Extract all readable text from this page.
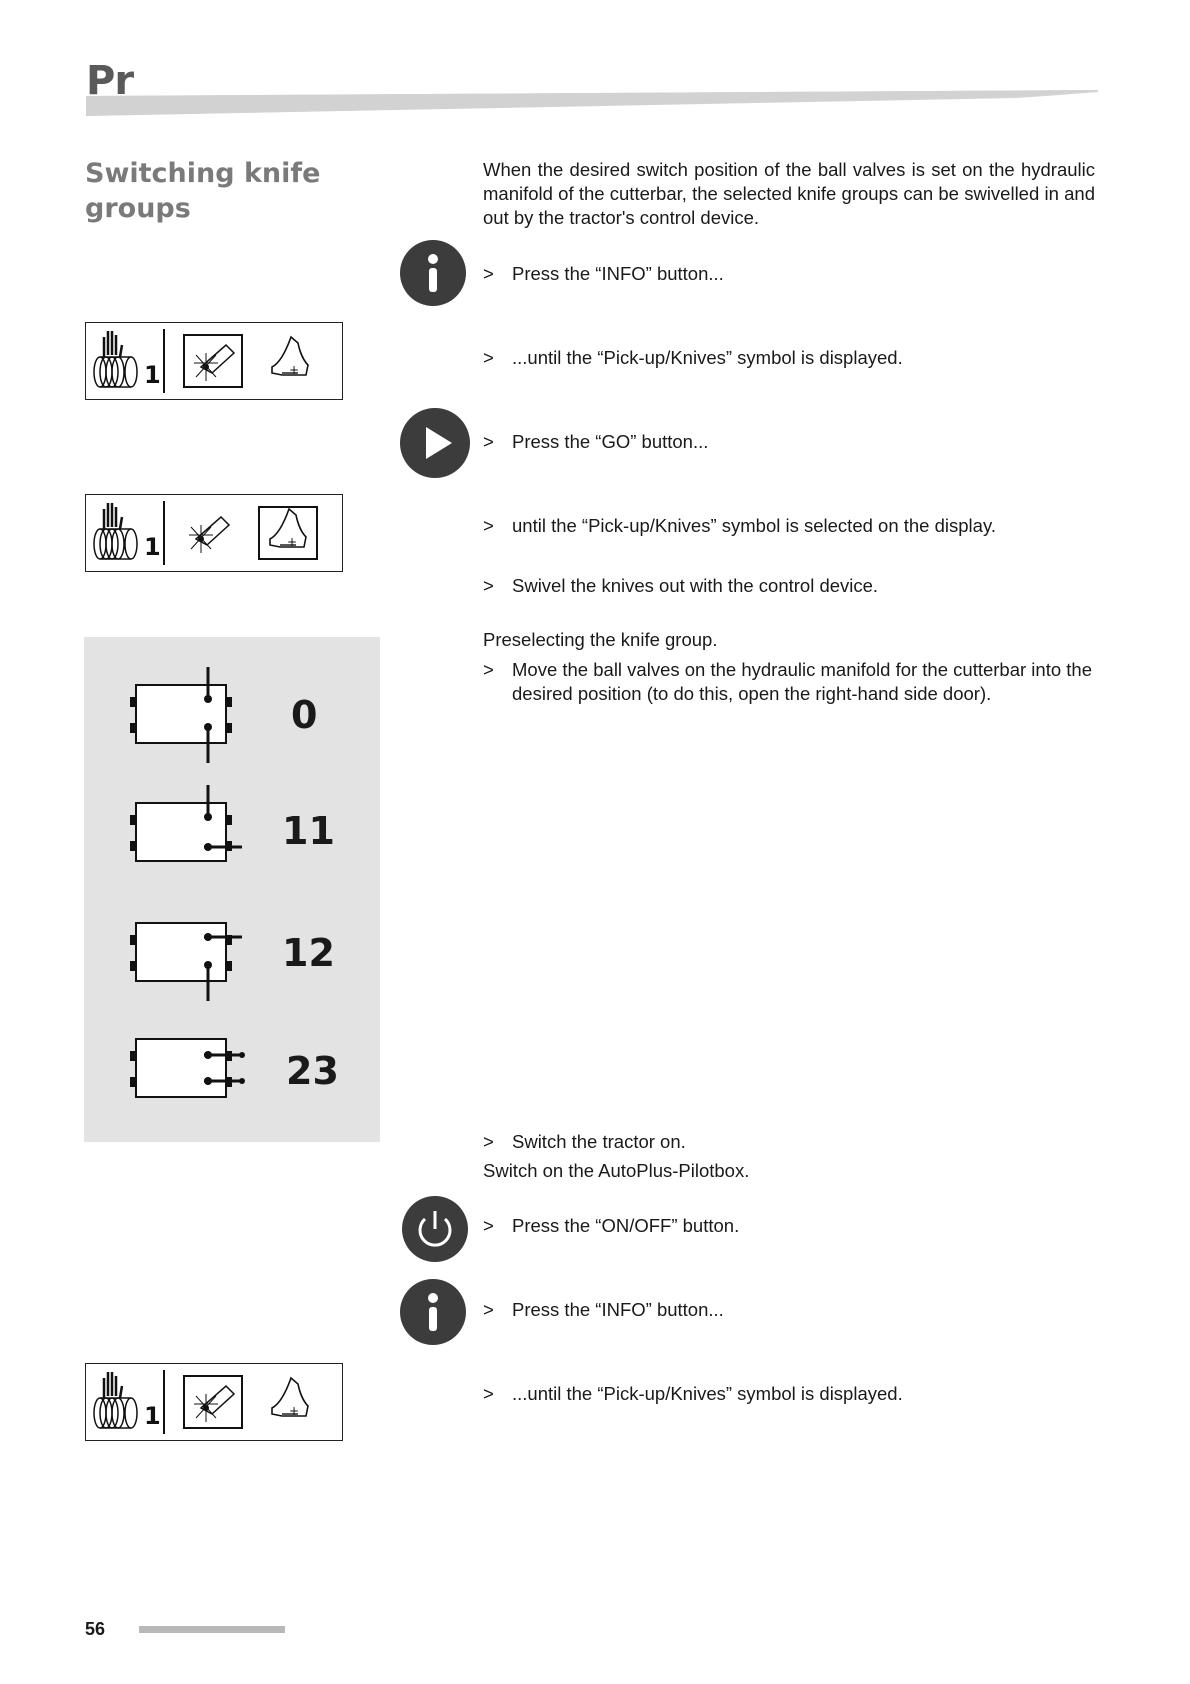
Pr
Switching knife groups
When the desired switch position of the ball valves is set on the hydraulic manifold of the cutterbar, the selected knife groups can be swivelled in and out by the tractor's control device.
1	+
1	+
1	+
0
11
12
23
> Press the “INFO” button...
> ...until the “Pick-up/Knives” symbol is displayed.
> Press the “GO” button...
> until the “Pick-up/Knives” symbol is selected on the display.
> Swivel the knives out with the control device.
Preselecting the knife group.
> Move the ball valves on the hydraulic manifold for the cutterbar into the desired position (to do this, open the right-hand side door).
> Switch the tractor on.
Switch on the AutoPlus-Pilotbox.
> Press the “ON/OFF” button.
> Press the “INFO” button...
> ...until the “Pick-up/Knives” symbol is displayed.
56
